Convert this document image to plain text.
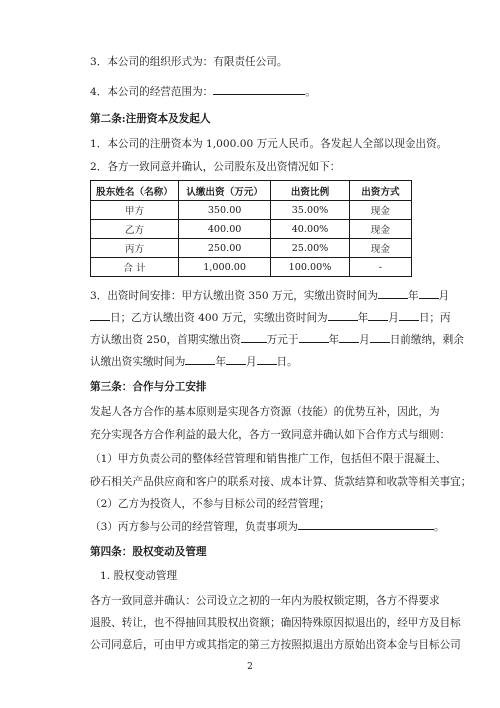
3．本公司的组织形式为：有限责任公司。
4．本公司的经营范围为：	。
第二条:注册资本及发起人
1．本公司的注册资本为 1,000.00 万元人民币。各发起人全部以现金出资。
2．各方一致同意并确认，公司股东及出资情况如下：
股东姓名（名称）	认缴出资（万元）	出资比例	出资方式
甲方	350.00	35.00%	现金
乙方	400.00	40.00%	现金
丙方	250.00	25.00%	现金
合 计	1,000.00	100.00%	-
3．出资时间安排：甲方认缴出资 350 万元，实缴出资时间为	年 月
日；乙方认缴出资 400 万元，实缴出资时间为	年 月 日；丙
方认缴出资 250，首期实缴出资 万元于	年 月 日前缴纳，剩余
认缴出资实缴时间为	年 月 日。
第三条：合作与分工安排
发起人各方合作的基本原则是实现各方资源（技能）的优势互补，因此，为
充分实现各方合作利益的最大化，各方一致同意并确认如下合作方式与细则：
（1）甲方负责公司的整体经营管理和销售推广工作，包括但不限于混凝土、
砂石相关产品供应商和客户的联系对接、成本计算、货款结算和收款等相关事宜；
（2）乙方为投资人，不参与目标公司的经营管理；
（3）丙方参与公司的经营管理，负责事项为	。
第四条：股权变动及管理
1. 股权变动管理
各方一致同意并确认：公司设立之初的一年内为股权锁定期，各方不得要求
退股、转让，也不得抽回其股权出资额；确因特殊原因拟退出的，经甲方及目标
公司同意后，可由甲方或其指定的第三方按照拟退出方原始出资本金与目标公司
2
